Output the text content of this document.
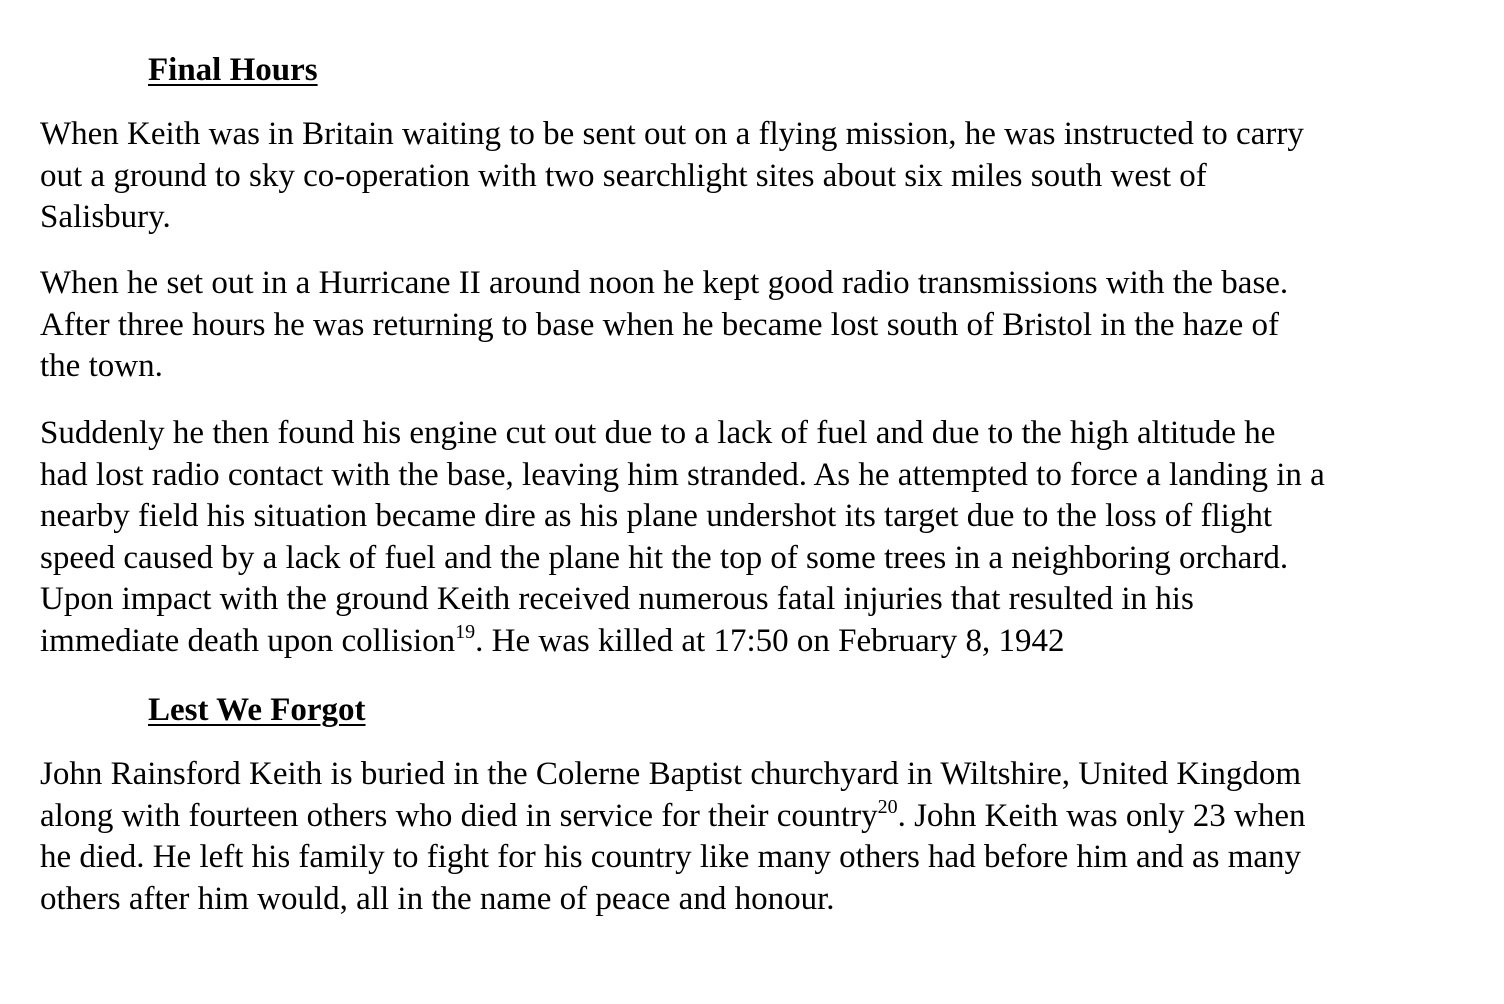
Final Hours
When Keith was in Britain waiting to be sent out on a flying mission, he was instructed to carry
out a ground to sky co-operation with two searchlight sites about six miles south west of
Salisbury.
When he set out in a Hurricane II around noon he kept good radio transmissions with the base.
After three hours he was returning to base when he became lost south of Bristol in the haze of
the town.
Suddenly he then found his engine cut out due to a lack of fuel and due to the high altitude he
had lost radio contact with the base, leaving him stranded. As he attempted to force a landing in a
nearby field his situation became dire as his plane undershot its target due to the loss of flight
speed caused by a lack of fuel and the plane hit the top of some trees in a neighboring orchard.
Upon impact with the ground Keith received numerous fatal injuries that resulted in his
immediate death upon collision$^{19}$. He was killed at 17:50 on February 8, 1942
Lest We Forgot
John Rainsford Keith is buried in the Colerne Baptist churchyard in Wiltshire, United Kingdom
along with fourteen others who died in service for their country$^{20}$. John Keith was only 23 when
he died. He left his family to fight for his country like many others had before him and as many
others after him would, all in the name of peace and honour.
